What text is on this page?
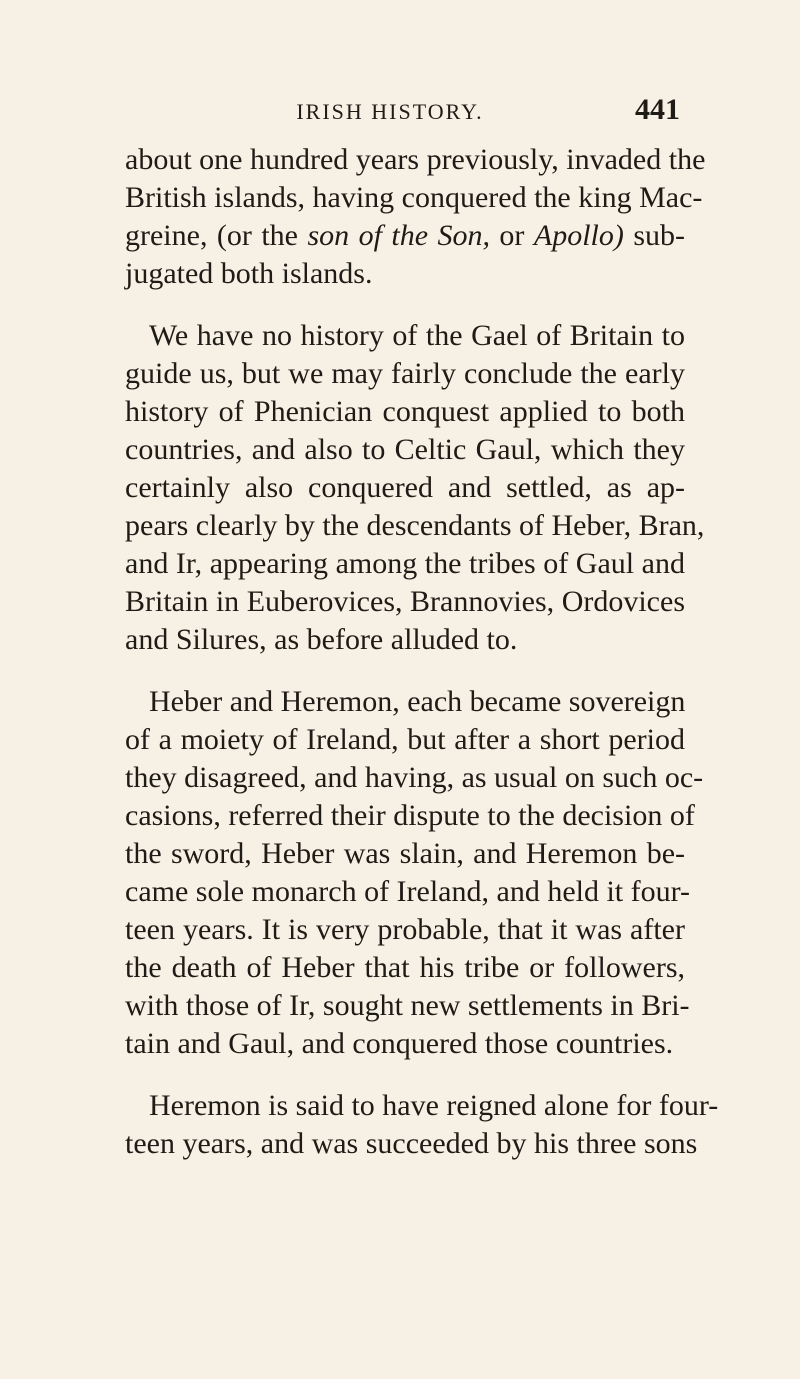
IRISH HISTORY.	441

about one hundred years previously, invaded the
British islands, having conquered the king Mac-
greine, (or the son of the Son, or Apollo) sub-
jugated both islands.

We have no history of the Gael of Britain to
guide us, but we may fairly conclude the early
history of Phenician conquest applied to both
countries, and also to Celtic Gaul, which they
certainly also conquered and settled, as ap-
pears clearly by the descendants of Heber, Bran,
and Ir, appearing among the tribes of Gaul and
Britain in Euberovices, Brannovies, Ordovices
and Silures, as before alluded to.

Heber and Heremon, each became sovereign
of a moiety of Ireland, but after a short period
they disagreed, and having, as usual on such oc-
casions, referred their dispute to the decision of
the sword, Heber was slain, and Heremon be-
came sole monarch of Ireland, and held it four-
teen years. It is very probable, that it was after
the death of Heber that his tribe or followers,
with those of Ir, sought new settlements in Bri-
tain and Gaul, and conquered those countries.

Heremon is said to have reigned alone for four-
teen years, and was succeeded by his three sons
